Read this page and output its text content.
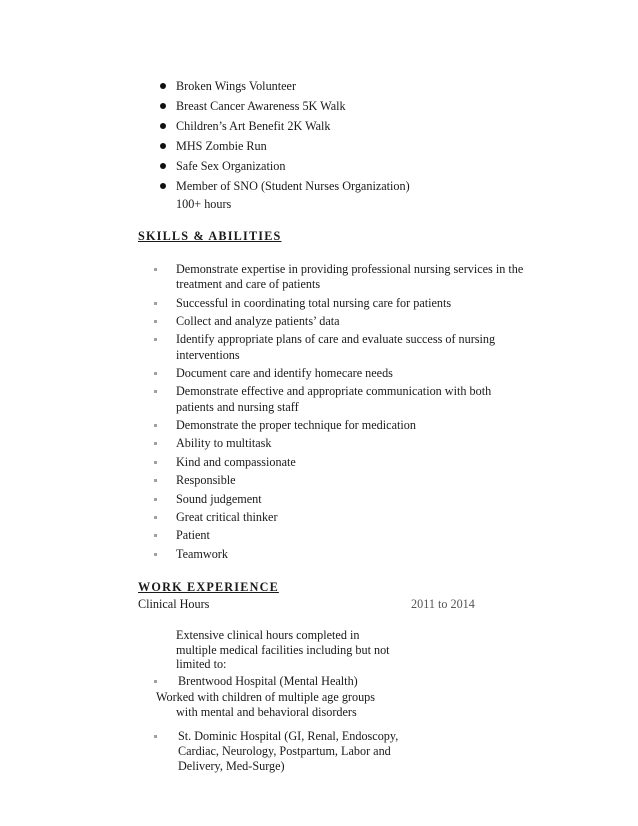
Broken Wings Volunteer
Breast Cancer Awareness 5K Walk
Children’s Art Benefit 2K Walk
MHS Zombie Run
Safe Sex Organization
Member of SNO (Student Nurses Organization)
100+ hours
SKILLS & ABILITIES
Demonstrate expertise in providing professional nursing services in the treatment and care of patients
Successful in coordinating total nursing care for patients
Collect and analyze patients’ data
Identify appropriate plans of care and evaluate success of nursing interventions
Document care and identify homecare needs
Demonstrate effective and appropriate communication with both patients and nursing staff
Demonstrate the proper technique for medication
Ability to multitask
Kind and compassionate
Responsible
Sound judgement
Great critical thinker
Patient
Teamwork
WORK EXPERIENCE
Clinical Hours	2011 to 2014
Extensive clinical hours completed in multiple medical facilities including but not limited to:
Brentwood Hospital (Mental Health)
Worked with children of multiple age groups
with mental and behavioral disorders
St. Dominic Hospital (GI, Renal, Endoscopy, Cardiac, Neurology, Postpartum, Labor and Delivery, Med-Surge)
